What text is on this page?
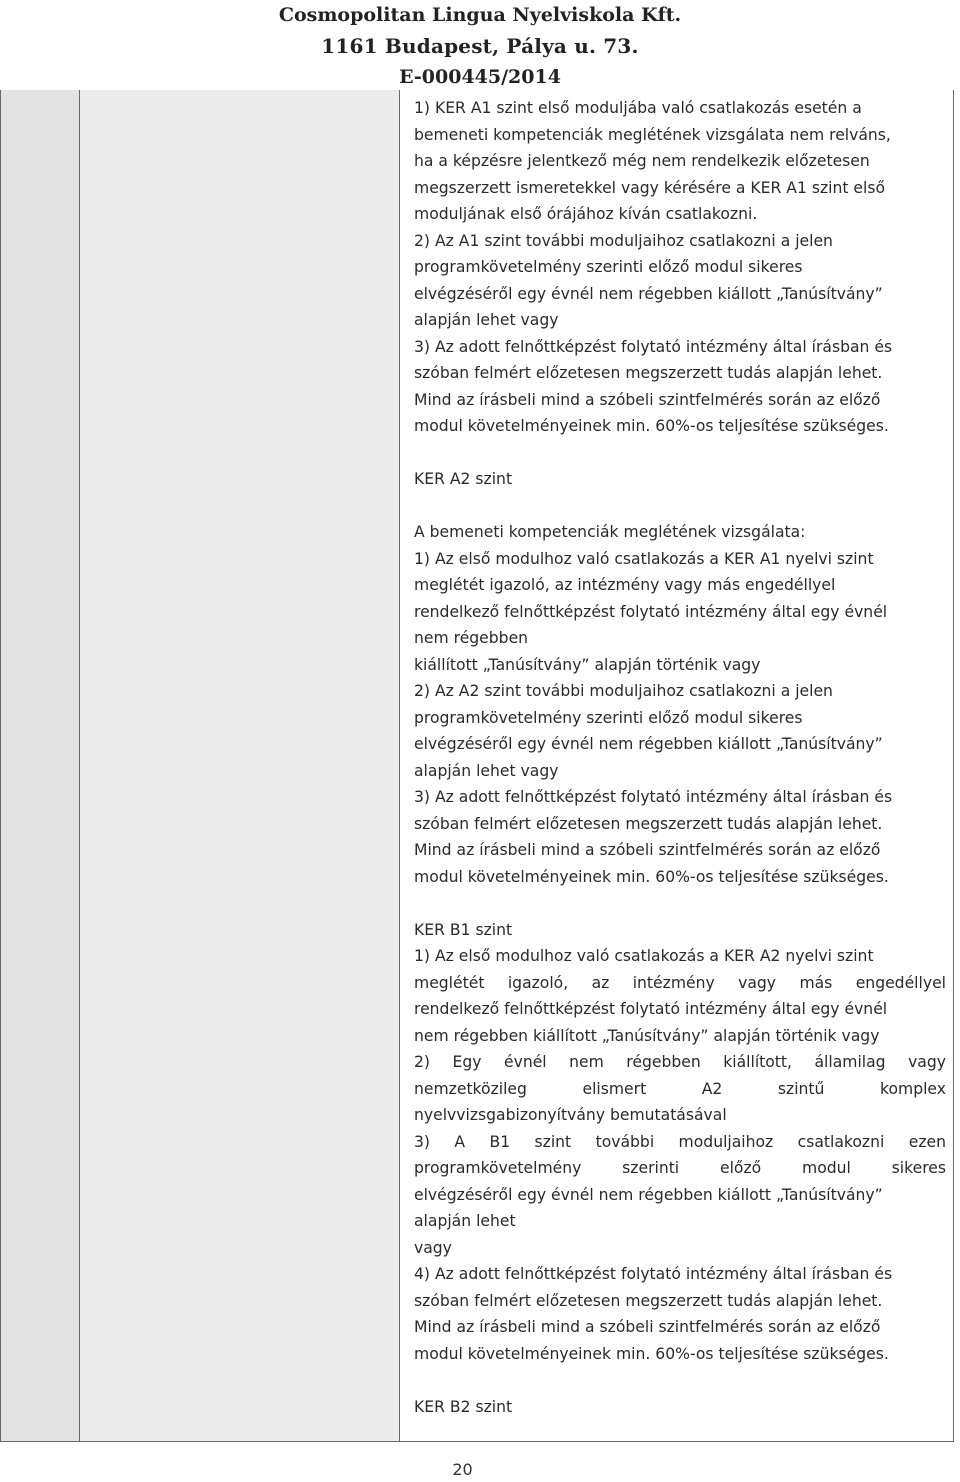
Cosmopolitan Lingua Nyelviskola Kft.
1161 Budapest, Pálya u. 73.
E-000445/2014

1) KER A1 szint első moduljába való csatlakozás esetén a

bemeneti kompetenciák meglétének vizsgálata nem relváns,

ha a képzésre jelentkező még nem rendelkezik előzetesen

megszerzett ismeretekkel vagy kérésére a KER A1 szint első

moduljának első órájához kíván csatlakozni.

2) Az A1 szint további moduljaihoz csatlakozni a jelen

programkövetelmény szerinti előző modul sikeres

elvégzéséről egy évnél nem régebben kiállott „Tanúsítvány”

alapján lehet vagy

3) Az adott felnőttképzést folytató intézmény által írásban és

szóban felmért előzetesen megszerzett tudás alapján lehet.

Mind az írásbeli mind a szóbeli szintfelmérés során az előző

modul követelményeinek min. 60%-os teljesítése szükséges.

KER A2 szint

A bemeneti kompetenciák meglétének vizsgálata:

1) Az első modulhoz való csatlakozás a KER A1 nyelvi szint

meglétét igazoló, az intézmény vagy más engedéllyel

rendelkező felnőttképzést folytató intézmény által egy évnél

nem régebben

kiállított „Tanúsítvány” alapján történik vagy

2) Az A2 szint további moduljaihoz csatlakozni a jelen

programkövetelmény szerinti előző modul sikeres

elvégzéséről egy évnél nem régebben kiállott „Tanúsítvány”

alapján lehet vagy

3) Az adott felnőttképzést folytató intézmény által írásban és

szóban felmért előzetesen megszerzett tudás alapján lehet.

Mind az írásbeli mind a szóbeli szintfelmérés során az előző

modul követelményeinek min. 60%-os teljesítése szükséges.

KER B1 szint

1) Az első modulhoz való csatlakozás a KER A2 nyelvi szint

meglétét igazoló, az intézmény vagy más engedéllyel

rendelkező felnőttképzést folytató intézmény által egy évnél

nem régebben kiállított „Tanúsítvány” alapján történik vagy

2) Egy évnél nem régebben kiállított, államilag vagy

nemzetközileg elismert A2 szintű komplex

nyelvvizsgabizonyítvány bemutatásával

3) A B1 szint további moduljaihoz csatlakozni ezen

programkövetelmény szerinti előző modul sikeres

elvégzéséről egy évnél nem régebben kiállott „Tanúsítvány”

alapján lehet

vagy

4) Az adott felnőttképzést folytató intézmény által írásban és

szóban felmért előzetesen megszerzett tudás alapján lehet.

Mind az írásbeli mind a szóbeli szintfelmérés során az előző

modul követelményeinek min. 60%-os teljesítése szükséges.

KER B2 szint

20
